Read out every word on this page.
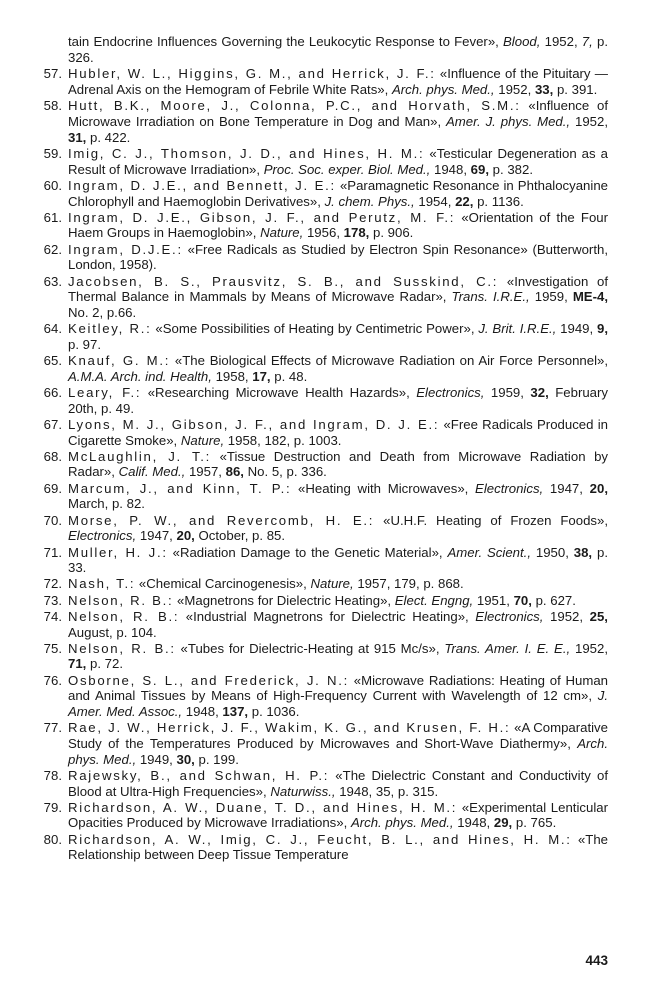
tain Endocrine Influences Governing the Leukocytic Response to Fever», Blood, 1952, 7, p. 326.
57. Hubler, W. L., Higgins, G. M., and Herrick, J. F.: «Influence of the Pituitary — Adrenal Axis on the Hemogram of Febrile White Rats», Arch. phys. Med., 1952, 33, p. 391.
58. Hutt, B.K., Moore, J., Colonna, P.C., and Horvath, S.M.: «Influence of Microwave Irradiation on Bone Temperature in Dog and Man», Amer. J. phys. Med., 1952, 31, p. 422.
59. Imig, C. J., Thomson, J. D., and Hines, H. M.: «Testicular Degeneration as a Result of Microwave Irradiation», Proc. Soc. exper. Biol. Med., 1948, 69, p. 382.
60. Ingram, D. J.E., and Bennett, J. E.: «Paramagnetic Resonance in Phthalocyanine Chlorophyll and Haemoglobin Derivatives», J. chem. Phys., 1954, 22, p. 1136.
61. Ingram, D. J.E., Gibson, J. F., and Perutz, M. F.: «Orientation of the Four Haem Groups in Haemoglobin», Nature, 1956, 178, p. 906.
62. Ingram, D.J.E.: «Free Radicals as Studied by Electron Spin Resonance» (Butterworth, London, 1958).
63. Jacobsen, B. S., Prausvitz, S. B., and Susskind, C.: «Investigation of Thermal Balance in Mammals by Means of Microwave Radar», Trans. I.R.E., 1959, ME-4, No. 2, p.66.
64. Keitley, R.: «Some Possibilities of Heating by Centimetric Power», J. Brit. I.R.E., 1949, 9, p. 97.
65. Knauf, G. M.: «The Biological Effects of Microwave Radiation on Air Force Personnel», A.M.A. Arch. ind. Health, 1958, 17, p. 48.
66. Leary, F.: «Researching Microwave Health Hazards», Electronics, 1959, 32, February 20th, p. 49.
67. Lyons, M. J., Gibson, J. F., and Ingram, D. J. E.: «Free Radicals Produced in Cigarette Smoke», Nature, 1958, 182, p. 1003.
68. McLaughlin, J. T.: «Tissue Destruction and Death from Microwave Radiation by Radar», Calif. Med., 1957, 86, No. 5, p. 336.
69. Marcum, J., and Kinn, T. P.: «Heating with Microwaves», Electronics, 1947, 20, March, p. 82.
70. Morse, P. W., and Revercomb, H. E.: «U.H.F. Heating of Frozen Foods», Electronics, 1947, 20, October, p. 85.
71. Muller, H. J.: «Radiation Damage to the Genetic Material», Amer. Scient., 1950, 38, p. 33.
72. Nash, T.: «Chemical Carcinogenesis», Nature, 1957, 179, p. 868.
73. Nelson, R. B.: «Magnetrons for Dielectric Heating», Elect. Engng, 1951, 70, p. 627.
74. Nelson, R. B.: «Industrial Magnetrons for Dielectric Heating», Electronics, 1952, 25, August, p. 104.
75. Nelson, R. B.: «Tubes for Dielectric-Heating at 915 Mc/s», Trans. Amer. I. E. E., 1952, 71, p. 72.
76. Osborne, S. L., and Frederick, J. N.: «Microwave Radiations: Heating of Human and Animal Tissues by Means of High-Frequency Current with Wavelength of 12 cm», J. Amer. Med. Assoc., 1948, 137, p. 1036.
77. Rae, J. W., Herrick, J. F., Wakim, K. G., and Krusen, F. H.: «A Comparative Study of the Temperatures Produced by Microwaves and Short-Wave Diathermy», Arch. phys. Med., 1949, 30, p. 199.
78. Rajewsky, B., and Schwan, H. P.: «The Dielectric Constant and Conductivity of Blood at Ultra-High Frequencies», Naturwiss., 1948, 35, p. 315.
79. Richardson, A. W., Duane, T. D., and Hines, H. M.: «Experimental Lenticular Opacities Produced by Microwave Irradiations», Arch. phys. Med., 1948, 29, p. 765.
80. Richardson, A. W., Imig, C. J., Feucht, B. L., and Hines, H. M.: «The Relationship between Deep Tissue Temperature
443
